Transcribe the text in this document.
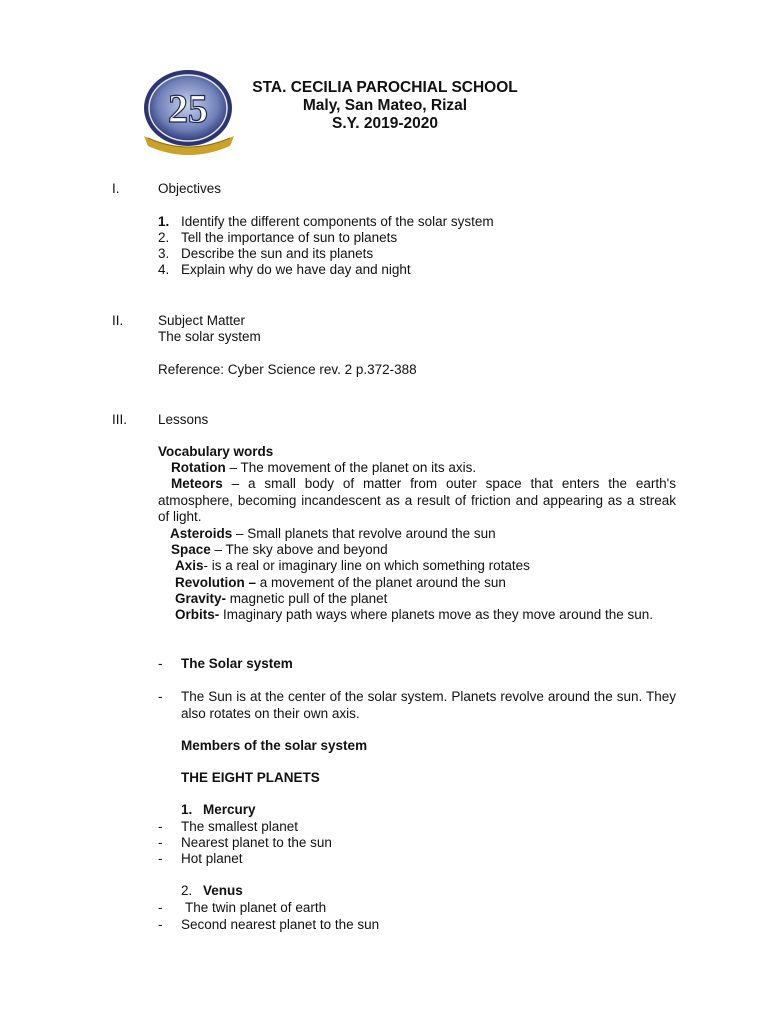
25	STA. CECILIA PAROCHIAL SCHOOL
Maly, San Mateo, Rizal
S.Y. 2019-2020
I.	Objectives
1. Identify the different components of the solar system
2. Tell the importance of sun to planets
3. Describe the sun and its planets
4. Explain why do we have day and night
II.	Subject Matter
The solar system
Reference: Cyber Science rev. 2 p.372-388
III. Lessons
Vocabulary words
Rotation – The movement of the planet on its axis.
Meteors – a small body of matter from outer space that enters the earth's atmosphere, becoming incandescent as a result of friction and appearing as a streak of light.
Asteroids – Small planets that revolve around the sun
Space – The sky above and beyond
Axis- is a real or imaginary line on which something rotates
Revolution – a movement of the planet around the sun
Gravity- magnetic pull of the planet
Orbits- Imaginary path ways where planets move as they move around the sun.
- The Solar system
- The Sun is at the center of the solar system. Planets revolve around the sun. They also rotates on their own axis.
Members of the solar system
THE EIGHT PLANETS
1. Mercury
- The smallest planet
- Nearest planet to the sun
- Hot planet
2. Venus
- The twin planet of earth
- Second nearest planet to the sun
